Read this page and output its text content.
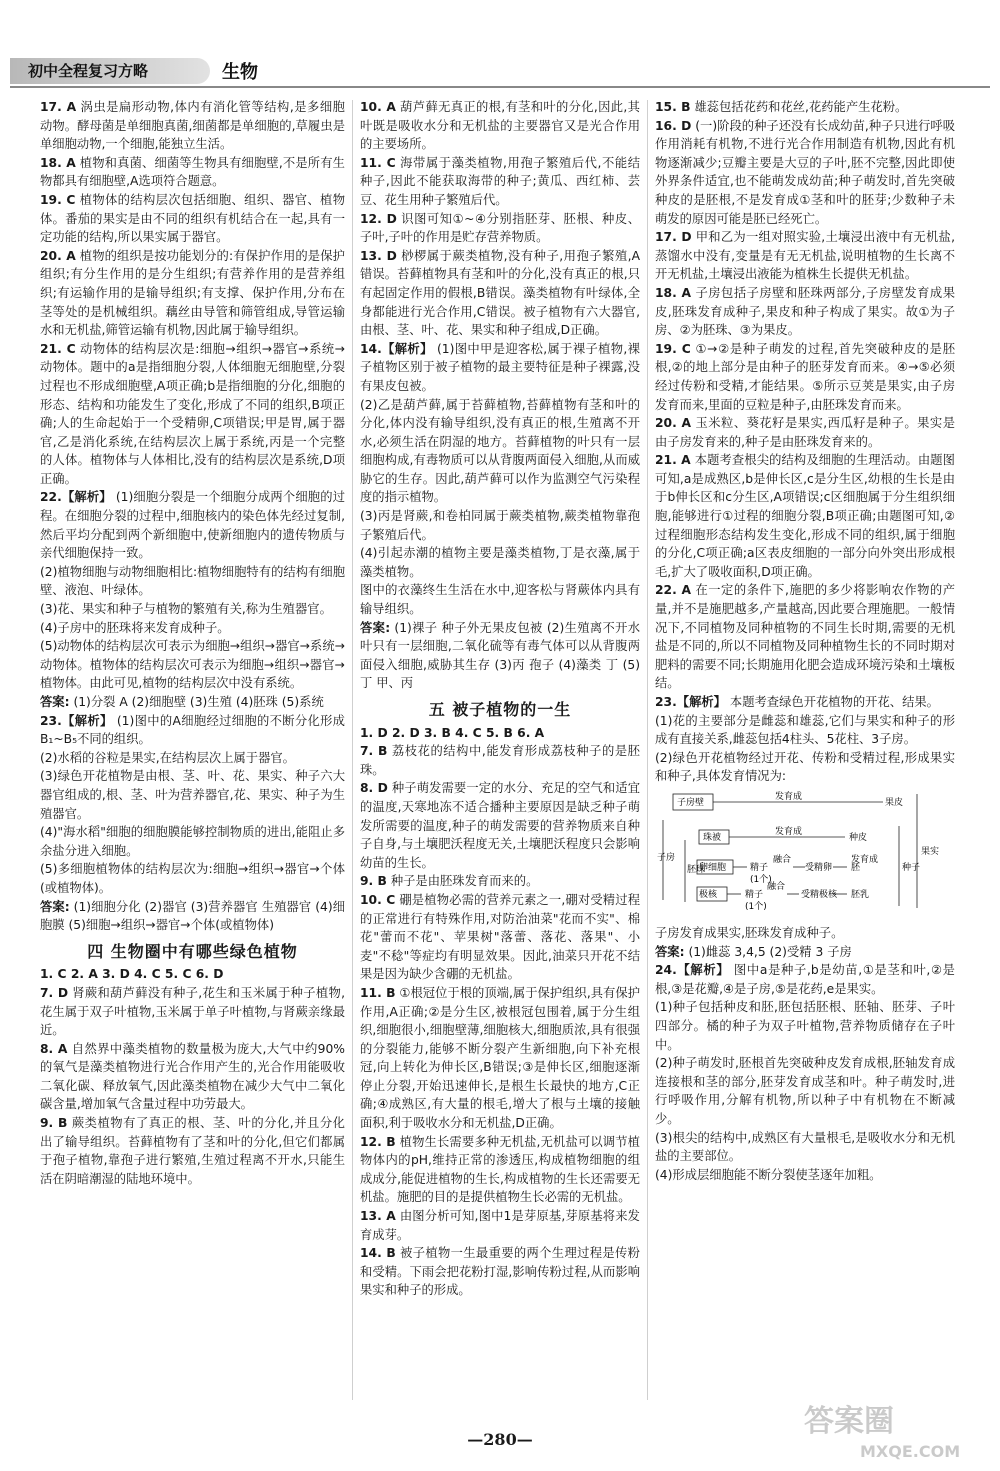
初中全程复习方略	生物

17. A 涡虫是扁形动物,体内有消化管等结构,是多细胞动物。酵母菌是单细胞真菌,细菌都是单细胞的,草履虫是单细胞动物,一个细胞,能独立生活。

18. A 植物和真菌、细菌等生物具有细胞壁,不是所有生物都具有细胞壁,A选项符合题意。

19. C 植物体的结构层次包括细胞、组织、器官、植物体。番茄的果实是由不同的组织有机结合在一起,具有一定功能的结构,所以果实属于器官。

20. A 植物的组织是按功能划分的:有保护作用的是保护组织;有分生作用的是分生组织;有营养作用的是营养组织;有运输作用的是输导组织;有支撑、保护作用,分布在茎等处的是机械组织。藕丝由导管和筛管组成,导管运输水和无机盐,筛管运输有机物,因此属于输导组织。

21. C 动物体的结构层次是:细胞→组织→器官→系统→动物体。题中的a是指细胞分裂,人体细胞无细胞壁,分裂过程也不形成细胞壁,A项正确;b是指细胞的分化,细胞的形态、结构和功能发生了变化,形成了不同的组织,B项正确;人的生命起始于一个受精卵,C项错误;甲是胃,属于器官,乙是消化系统,在结构层次上属于系统,丙是一个完整的人体。植物体与人体相比,没有的结构层次是系统,D项正确。

22.【解析】 (1)细胞分裂是一个细胞分成两个细胞的过程。在细胞分裂的过程中,细胞核内的染色体先经过复制,然后平均分配到两个新细胞中,使新细胞内的遗传物质与亲代细胞保持一致。

(2)植物细胞与动物细胞相比:植物细胞特有的结构有细胞壁、液泡、叶绿体。

(3)花、果实和种子与植物的繁殖有关,称为生殖器官。

(4)子房中的胚珠将来发育成种子。

(5)动物体的结构层次可表示为细胞→组织→器官→系统→动物体。植物体的结构层次可表示为细胞→组织→器官→植物体。由此可见,植物的结构层次中没有系统。

答案: (1)分裂 A (2)细胞壁 (3)生殖 (4)胚珠 (5)系统

23.【解析】 (1)图中的A细胞经过细胞的不断分化形成B₁~B₅不同的组织。

(2)水稻的谷粒是果实,在结构层次上属于器官。

(3)绿色开花植物是由根、茎、叶、花、果实、种子六大器官组成的,根、茎、叶为营养器官,花、果实、种子为生殖器官。

(4)"海水稻"细胞的细胞膜能够控制物质的进出,能阻止多余盐分进入细胞。

(5)多细胞植物体的结构层次为:细胞→组织→器官→个体(或植物体)。

答案: (1)细胞分化 (2)器官 (3)营养器官 生殖器官 (4)细胞膜 (5)细胞→组织→器官→个体(或植物体)

四 生物圈中有哪些绿色植物
1. C 2. A 3. D 4. C 5. C 6. D

7. D 肾蕨和葫芦藓没有种子,花生和玉米属于种子植物,花生属于双子叶植物,玉米属于单子叶植物,与肾蕨亲缘最近。

8. A 自然界中藻类植物的数量极为庞大,大气中约90%的氧气是藻类植物进行光合作用产生的,光合作用能吸收二氧化碳、释放氧气,因此藻类植物在减少大气中二氧化碳含量,增加氧气含量过程中功劳最大。

9. B 蕨类植物有了真正的根、茎、叶的分化,并且分化出了输导组织。苔藓植物有了茎和叶的分化,但它们都属于孢子植物,靠孢子进行繁殖,生殖过程离不开水,只能生活在阴暗潮湿的陆地环境中。

10. A 葫芦藓无真正的根,有茎和叶的分化,因此,其叶既是吸收水分和无机盐的主要器官又是光合作用的主要场所。

11. C 海带属于藻类植物,用孢子繁殖后代,不能结种子,因此不能获取海带的种子;黄瓜、西红柿、芸豆、花生用种子繁殖后代。

12. D 识图可知①~④分别指胚芽、胚根、种皮、子叶,子叶的作用是贮存营养物质。

13. D 桫椤属于蕨类植物,没有种子,用孢子繁殖,A错误。苔藓植物具有茎和叶的分化,没有真正的根,只有起固定作用的假根,B错误。藻类植物有叶绿体,全身都能进行光合作用,C错误。被子植物有六大器官,由根、茎、叶、花、果实和种子组成,D正确。

14.【解析】 (1)图中甲是迎客松,属于裸子植物,裸子植物区别于被子植物的最主要特征是种子裸露,没有果皮包被。

(2)乙是葫芦藓,属于苔藓植物,苔藓植物有茎和叶的分化,体内没有输导组织,没有真正的根,生殖离不开水,必须生活在阴湿的地方。苔藓植物的叶只有一层细胞构成,有毒物质可以从背腹两面侵入细胞,从而威胁它的生存。因此,葫芦藓可以作为监测空气污染程度的指示植物。

(3)丙是肾蕨,和卷柏同属于蕨类植物,蕨类植物靠孢子繁殖后代。

(4)引起赤潮的植物主要是藻类植物,丁是衣藻,属于藻类植物。

图中的衣藻终生生活在水中,迎客松与肾蕨体内具有输导组织。

答案: (1)裸子 种子外无果皮包被 (2)生殖离不开水 叶只有一层细胞,二氧化硫等有毒气体可以从背腹两面侵入细胞,威胁其生存 (3)丙 孢子 (4)藻类 丁 (5)丁 甲、丙

五 被子植物的一生
1. D 2. D 3. B 4. C 5. B 6. A

7. B 荔枝花的结构中,能发育形成荔枝种子的是胚珠。

8. D 种子萌发需要一定的水分、充足的空气和适宜的温度,天寒地冻不适合播种主要原因是缺乏种子萌发所需要的温度,种子的萌发需要的营养物质来自种子自身,与土壤肥沃程度无关,土壤肥沃程度只会影响幼苗的生长。

9. B 种子是由胚珠发育而来的。

10. C 硼是植物必需的营养元素之一,硼对受精过程的正常进行有特殊作用,对防治油菜"花而不实"、棉花"蕾而不花"、苹果树"落蕾、落花、落果"、小麦"不稔"等症均有明显效果。因此,油菜只开花不结果是因为缺少含硼的无机盐。

11. B ①根冠位于根的顶端,属于保护组织,具有保护作用,A正确;②是分生区,被根冠包围着,属于分生组织,细胞很小,细胞壁薄,细胞核大,细胞质浓,具有很强的分裂能力,能够不断分裂产生新细胞,向下补充根冠,向上转化为伸长区,B错误;③是伸长区,细胞逐渐停止分裂,开始迅速伸长,是根生长最快的地方,C正确;④成熟区,有大量的根毛,增大了根与土壤的接触面积,利于吸收水分和无机盐,D正确。

12. B 植物生长需要多种无机盐,无机盐可以调节植物体内的pH,维持正常的渗透压,构成植物细胞的组成成分,能促进植物的生长,构成植物的生长还需要无机盐。施肥的目的是提供植物生长必需的无机盐。

13. A 由图分析可知,图中1是芽原基,芽原基将来发育成芽。

14. B 被子植物一生最重要的两个生理过程是传粉和受精。下雨会把花粉打湿,影响传粉过程,从而影响果实和种子的形成。

15. B 雄蕊包括花药和花丝,花药能产生花粉。

16. D (一)阶段的种子还没有长成幼苗,种子只进行呼吸作用消耗有机物,不进行光合作用制造有机物,因此有机物逐渐减少;豆瓣主要是大豆的子叶,胚不完整,因此即使外界条件适宜,也不能萌发成幼苗;种子萌发时,首先突破种皮的是胚根,不是发育成①茎和叶的胚芽;少数种子未萌发的原因可能是胚已经死亡。

17. D 甲和乙为一组对照实验,土壤浸出液中有无机盐,蒸馏水中没有,变量是有无无机盐,说明植物的生长离不开无机盐,土壤浸出液能为植株生长提供无机盐。

18. A 子房包括子房壁和胚珠两部分,子房壁发育成果皮,胚珠发育成种子,果皮和种子构成了果实。故①为子房、②为胚珠、③为果皮。

19. C ①→②是种子萌发的过程,首先突破种皮的是胚根,②的地上部分是由种子的胚芽发育而来。④→⑤必须经过传粉和受精,才能结果。⑤所示豆荚是果实,由子房发育而来,里面的豆粒是种子,由胚珠发育而来。

20. A 玉米粒、葵花籽是果实,西瓜籽是种子。果实是由子房发育来的,种子是由胚珠发育来的。

21. A 本题考查根尖的结构及细胞的生理活动。由题图可知,a是成熟区,b是伸长区,c是分生区,幼根的生长是由于b伸长区和c分生区,A项错误;c区细胞属于分生组织细胞,能够进行①过程的细胞分裂,B项正确;由题图可知,②过程细胞形态结构发生变化,形成不同的组织,属于细胞的分化,C项正确;a区表皮细胞的一部分向外突出形成根毛,扩大了吸收面积,D项正确。

22. A 在一定的条件下,施肥的多少将影响农作物的产量,并不是施肥越多,产量越高,因此要合理施肥。一般情况下,不同植物及同种植物的不同生长时期,需要的无机盐是不同的,所以不同植物及同种植物生长的不同时期对肥料的需要不同;长期施用化肥会造成环境污染和土壤板结。

23.【解析】 本题考查绿色开花植物的开花、结果。

(1)花的主要部分是雌蕊和雄蕊,它们与果实和种子的形成有直接关系,雌蕊包括4柱头、5花柱、3子房。

(2)绿色开花植物经过开花、传粉和受精过程,形成果实和种子,具体发育情况为:

子房壁
子房
胚珠
珠被
卵细胞
极核
精子
(1个)
精子
(1个)
融合
融合
受精卵
受精极核
发育成
发育成
发育成
果皮
种皮
胚
胚乳
种子
果实

子房发育成果实,胚珠发育成种子。

答案: (1)雌蕊 3,4,5 (2)受精 3 子房

24.【解析】 图中a是种子,b是幼苗,①是茎和叶,②是根,③是花瓣,④是子房,⑤是花药,e是果实。

(1)种子包括种皮和胚,胚包括胚根、胚轴、胚芽、子叶四部分。橘的种子为双子叶植物,营养物质储存在子叶中。

(2)种子萌发时,胚根首先突破种皮发育成根,胚轴发育成连接根和茎的部分,胚芽发育成茎和叶。种子萌发时,进行呼吸作用,分解有机物,所以种子中有机物在不断减少。

(3)根尖的结构中,成熟区有大量根毛,是吸收水分和无机盐的主要部位。

(4)形成层细胞能不断分裂使茎逐年加粗。

—280—
答案圈
MXQE.COM
